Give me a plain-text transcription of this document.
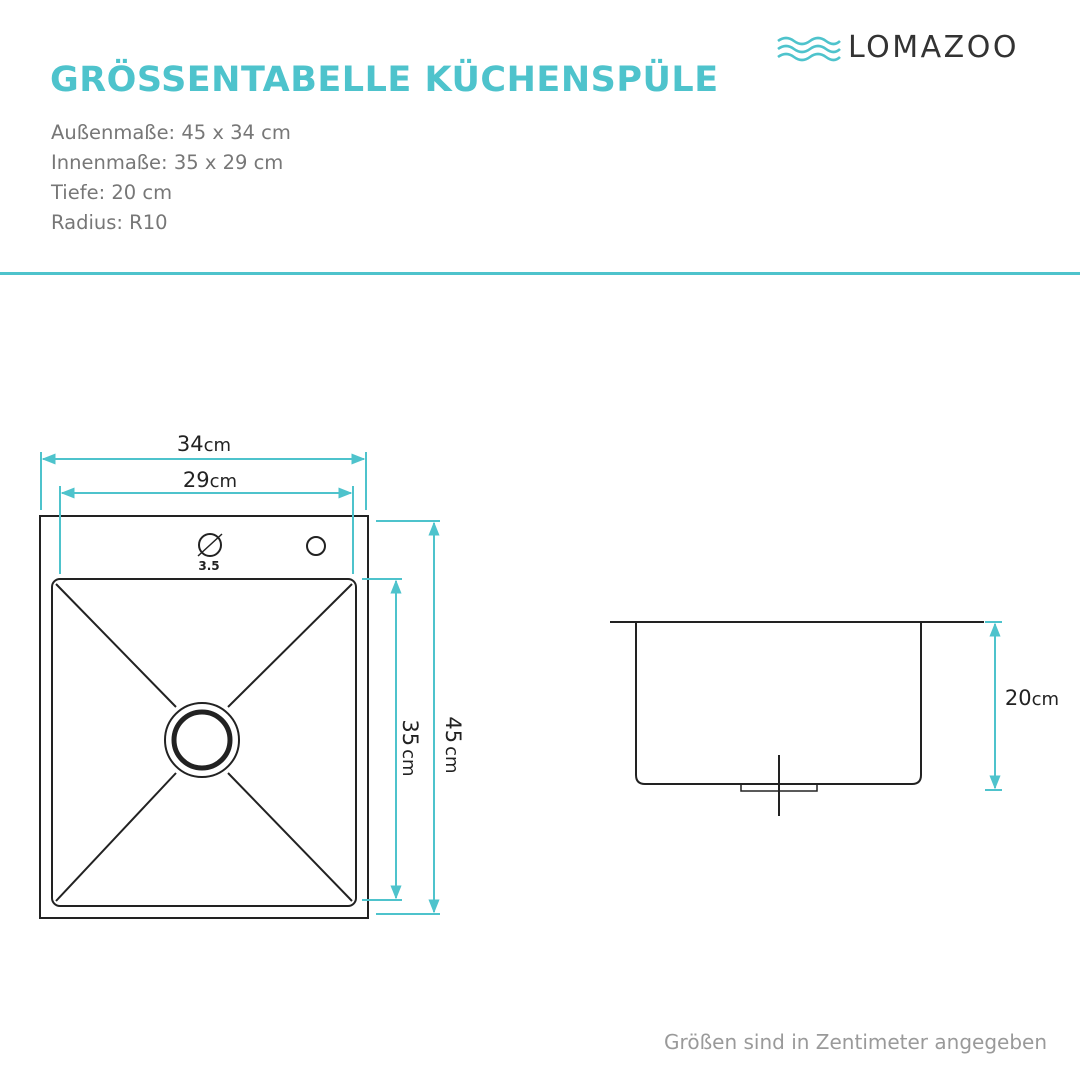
LOMAZOO
GRÖSSENTABELLE KÜCHENSPÜLE
Außenmaße: 45 x 34 cm
Innenmaße: 35 x 29 cm
Tiefe: 20 cm
Radius: R10
3.5
34cm
29cm
35cm
45cm
20cm
Größen sind in Zentimeter angegeben
